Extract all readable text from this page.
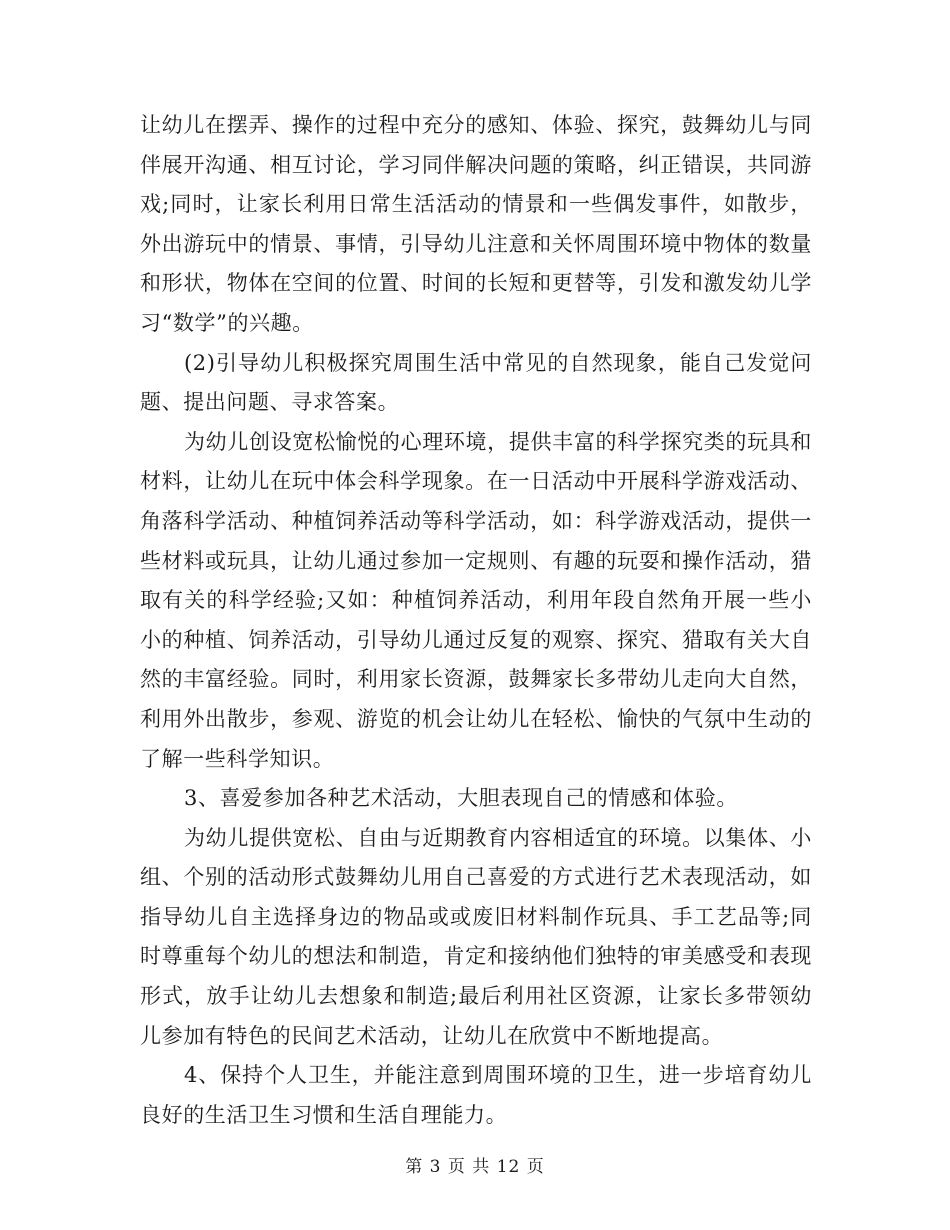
让幼儿在摆弄、操作的过程中充分的感知、体验、探究，鼓舞幼儿与同伴展开沟通、相互讨论，学习同伴解决问题的策略，纠正错误，共同游戏;同时，让家长利用日常生活活动的情景和一些偶发事件，如散步，外出游玩中的情景、事情，引导幼儿注意和关怀周围环境中物体的数量和形状，物体在空间的位置、时间的长短和更替等，引发和激发幼儿学习“数学”的兴趣。

(2)引导幼儿积极探究周围生活中常见的自然现象，能自己发觉问题、提出问题、寻求答案。

为幼儿创设宽松愉悦的心理环境，提供丰富的科学探究类的玩具和材料，让幼儿在玩中体会科学现象。在一日活动中开展科学游戏活动、角落科学活动、种植饲养活动等科学活动，如：科学游戏活动，提供一些材料或玩具，让幼儿通过参加一定规则、有趣的玩耍和操作活动，猎取有关的科学经验;又如：种植饲养活动，利用年段自然角开展一些小小的种植、饲养活动，引导幼儿通过反复的观察、探究、猎取有关大自然的丰富经验。同时，利用家长资源，鼓舞家长多带幼儿走向大自然，利用外出散步，参观、游览的机会让幼儿在轻松、愉快的气氛中生动的了解一些科学知识。

3、喜爱参加各种艺术活动，大胆表现自己的情感和体验。

为幼儿提供宽松、自由与近期教育内容相适宜的环境。以集体、小组、个别的活动形式鼓舞幼儿用自己喜爱的方式进行艺术表现活动，如指导幼儿自主选择身边的物品或或废旧材料制作玩具、手工艺品等;同时尊重每个幼儿的想法和制造，肯定和接纳他们独特的审美感受和表现形式，放手让幼儿去想象和制造;最后利用社区资源，让家长多带领幼儿参加有特色的民间艺术活动，让幼儿在欣赏中不断地提高。

4、保持个人卫生，并能注意到周围环境的卫生，进一步培育幼儿良好的生活卫生习惯和生活自理能力。

第 3 页 共 12 页
